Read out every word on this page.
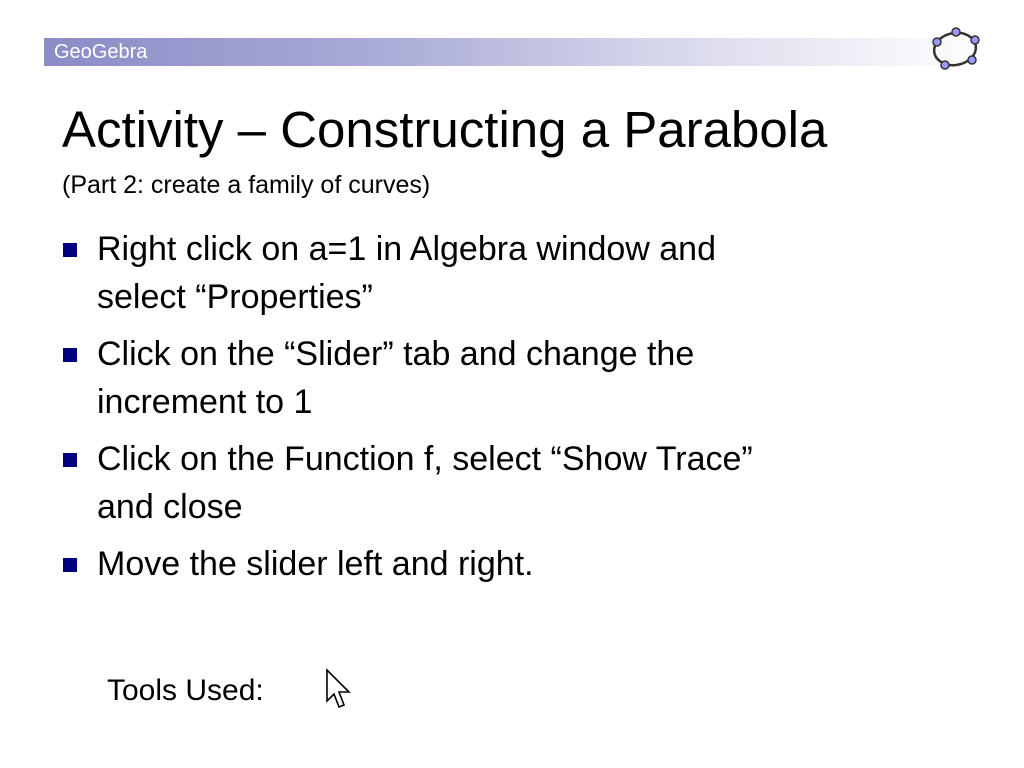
GeoGebra
Activity – Constructing a Parabola
(Part 2: create a family of curves)
Right click on a=1 in Algebra window and
select “Properties”
Click on the “Slider” tab and change the
increment to 1
Click on the Function f, select “Show Trace”
and close
Move the slider left and right.
Tools Used:
